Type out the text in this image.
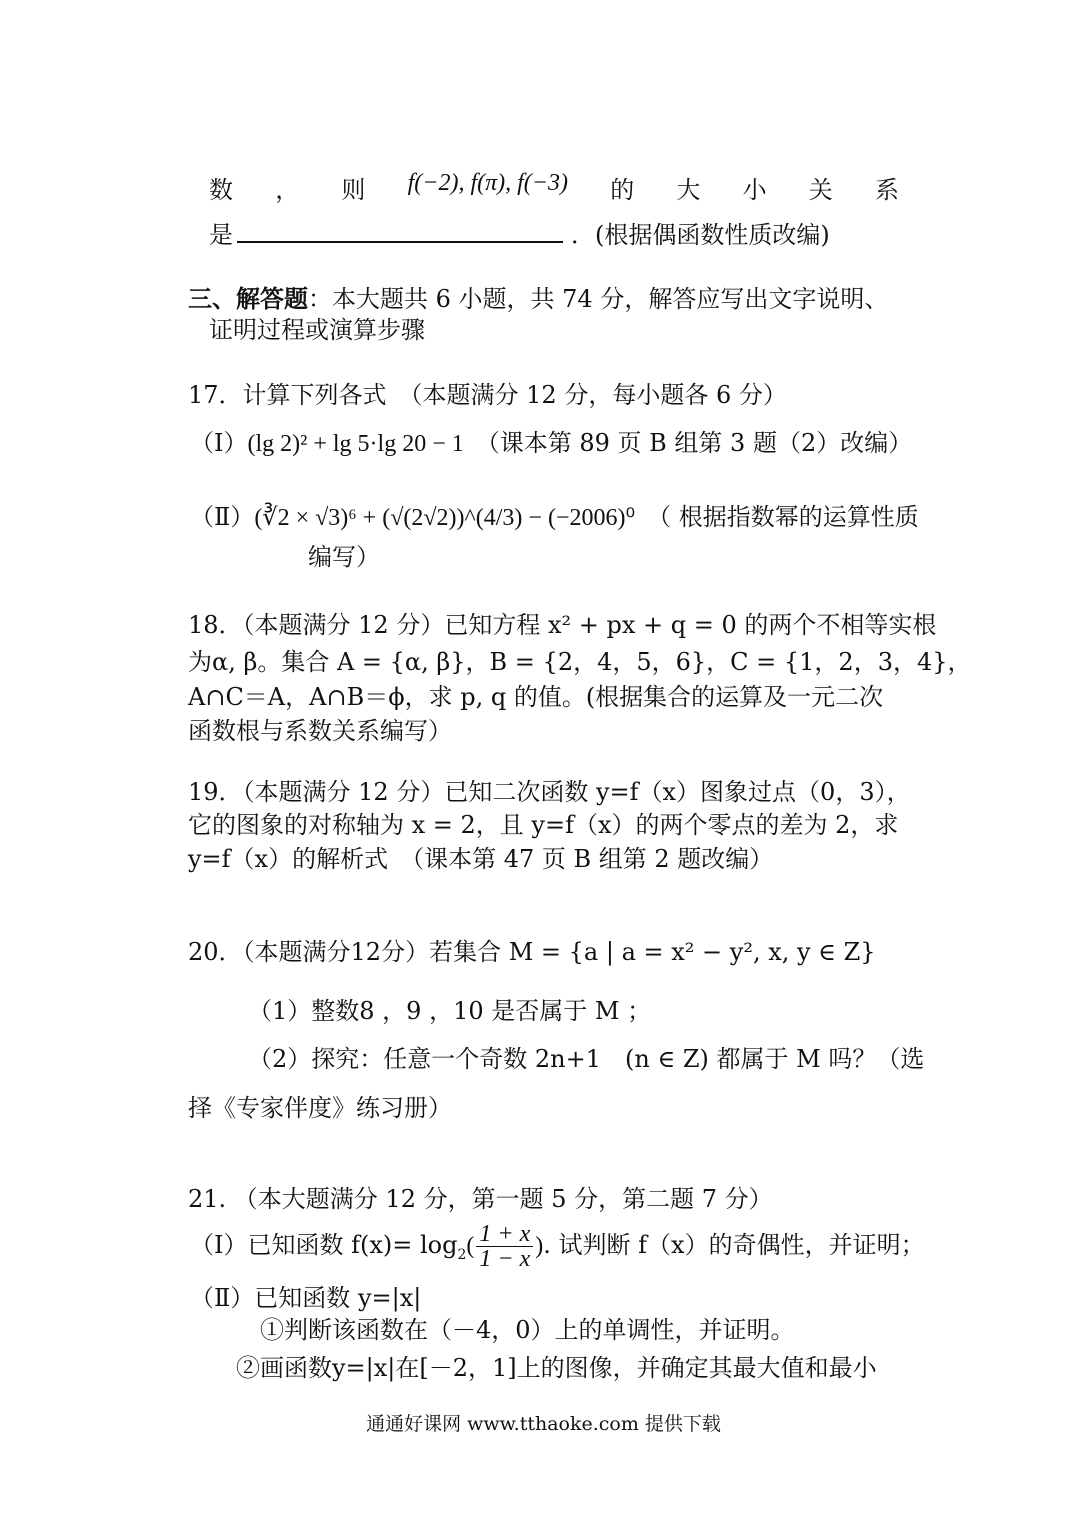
数 ， 则 f(−2), f(π), f(−3) 的 大 小 关 系
是	．(根据偶函数性质改编)
三、解答题：本大题共 6 小题，共 74 分，解答应写出文字说明、
证明过程或演算步骤
17．计算下列各式　（本题满分 12 分，每小题各 6 分）
（Ⅰ）(lg 2)² + lg 5·lg 20 − 1　 （课本第 89 页 B 组第 3 题（2）改编）
（Ⅱ）(∛2 × √3)⁶ + (√(2√2))^(4/3) − (−2006)⁰　 （ 根据指数幂的运算性质
编写）
18．（本题满分 12 分）已知方程 x² + px + q = 0 的两个不相等实根
为α, β。集合 A = {α, β}，B = {2，4，5，6}，C = {1，2，3，4}，
A∩C＝A，A∩B＝ϕ，求 p, q 的值。(根据集合的运算及一元二次
函数根与系数关系编写）
19．（本题满分 12 分）已知二次函数 y=f（x）图象过点（0，3），
它的图象的对称轴为 x = 2，且 y=f（x）的两个零点的差为 2，求
y=f（x）的解析式　（课本第 47 页 B 组第 2 题改编）
20．（本题满分12分）若集合 M = {a | a = x² − y², x, y ∈ Z}
（1）整数8 ，9 ，10 是否属于 M ；
（2）探究：任意一个奇数 2n+1　(n ∈ Z) 都属于 M 吗？（选
择《专家伴度》练习册）
21. （本大题满分 12 分，第一题 5 分，第二题 7 分）
（Ⅰ）已知函数 $f(x)= \log_2( \frac{1 + x}{1 - x}$ ). 试判断 f（x）的奇偶性，并证明；
（Ⅱ）已知函数 y=|x|
①判断该函数在（－4，0）上的单调性，并证明。
②画函数y=|x|在[－2，1]上的图像，并确定其最大值和最小
通通好课网 www.tthaoke.com 提供下载
